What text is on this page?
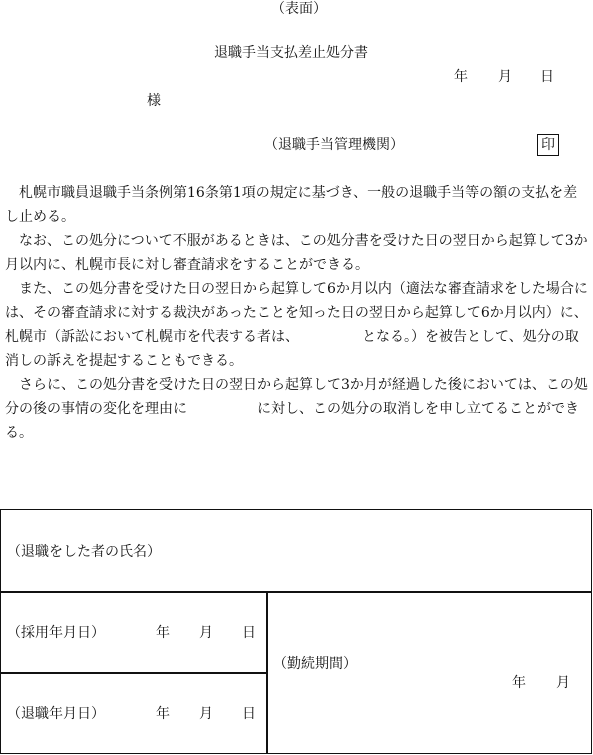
（表面）
退職手当支払差止処分書
年 月 日
様
（退職手当管理機関）	印

札幌市職員退職手当条例第16条第1項の規定に基づき、一般の退職手当等の額の支払を差し止める。

なお、この処分について不服があるときは、この処分書を受けた日の翌日から起算して3か月以内に、札幌市長に対し審査請求をすることができる。

また、この処分書を受けた日の翌日から起算して6か月以内（適法な審査請求をした場合には、その審査請求に対する裁決があったことを知った日の翌日から起算して6か月以内）に、札幌市（訴訟において札幌市を代表する者は、　　　　　となる。）を被告として、処分の取消しの訴えを提起することもできる。

さらに、この処分書を受けた日の翌日から起算して3か月が経過した後においては、この処分の後の事情の変化を理由に　　　　　に対し、この処分の取消しを申し立てることができる。

（退職をした者の氏名）
（採用年月日）	年 月 日
（退職年月日）	年 月 日
（勤続期間）
年 月
